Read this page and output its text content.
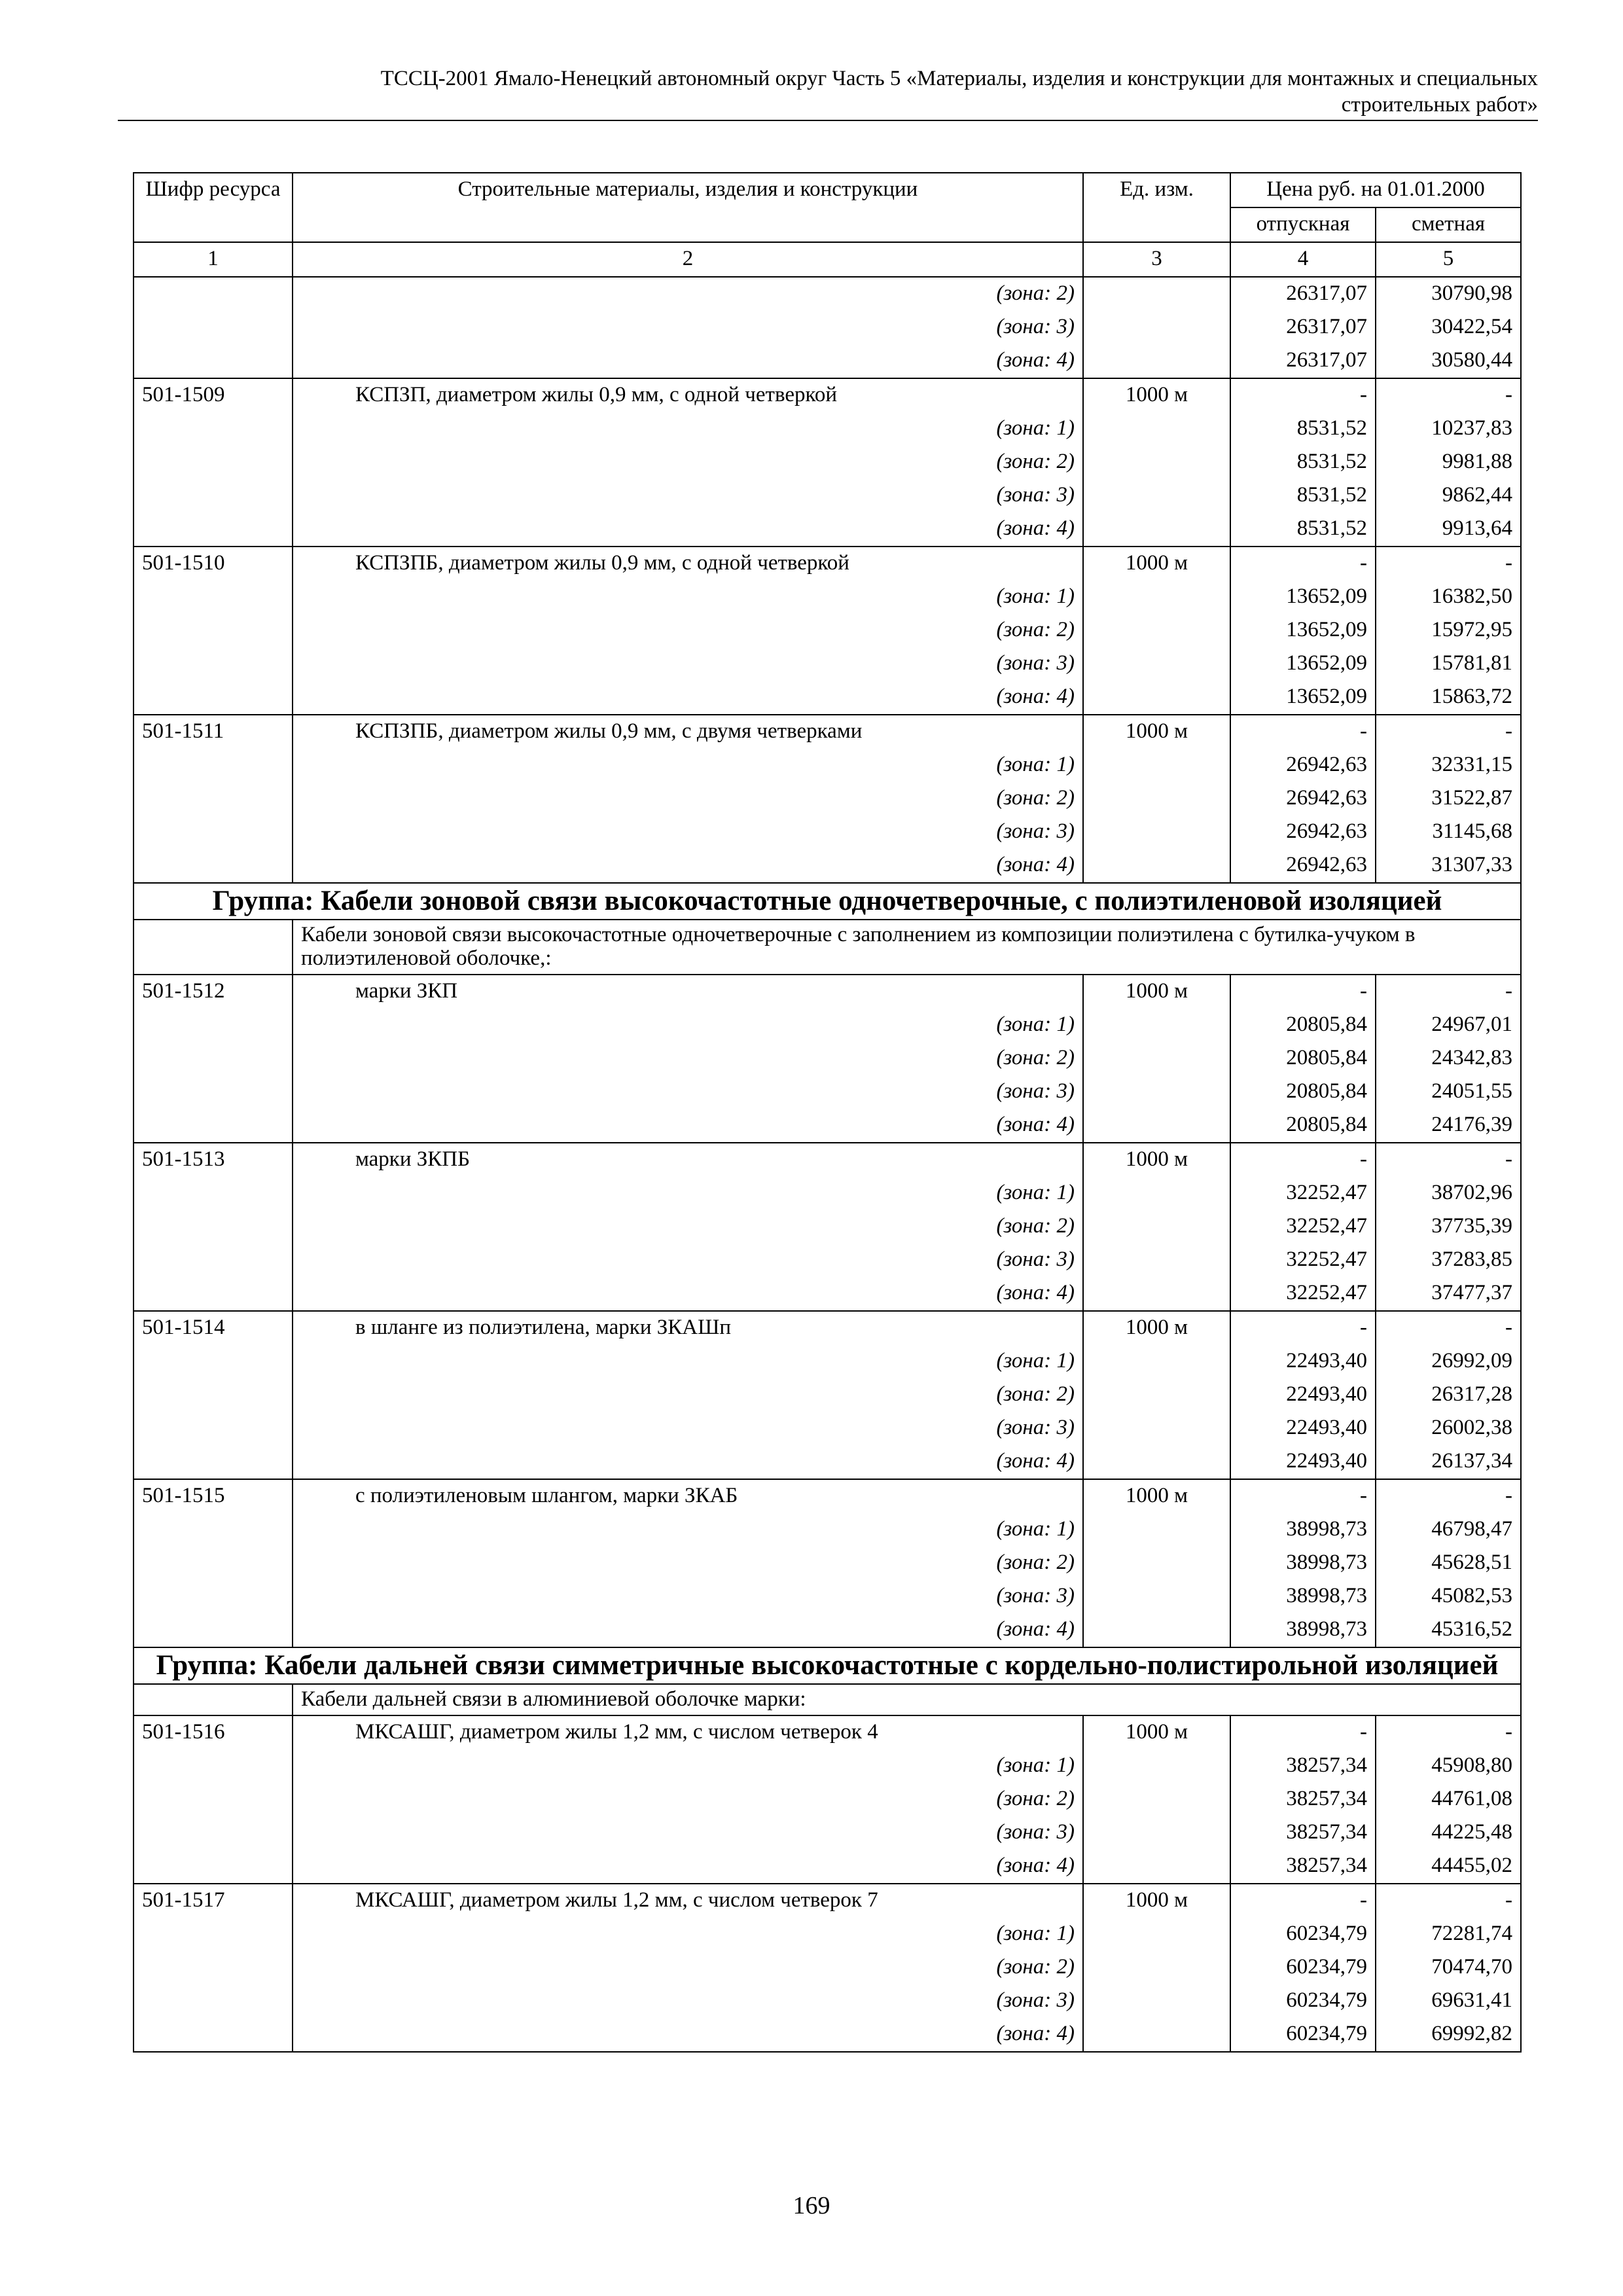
ТССЦ-2001 Ямало-Ненецкий автономный округ Часть 5 «Материалы, изделия и конструкции для монтажных и специальных
строительных работ»
Шифр ресурса	Строительные материалы, изделия и конструкции	Ед. изм.	Цена руб. на 01.01.2000	
			отпускная	сметная
1	2	3	4	5
	(зона: 2)		26317,07	30790,98
	(зона: 3)		26317,07	30422,54
	(зона: 4)		26317,07	30580,44
501-1509	КСПЗП, диаметром жилы 0,9 мм, с одной четверкой	1000 м	-	-
	(зона: 1)		8531,52	10237,83
	(зона: 2)		8531,52	9981,88
	(зона: 3)		8531,52	9862,44
	(зона: 4)		8531,52	9913,64
501-1510	КСПЗПБ, диаметром жилы 0,9 мм, с одной четверкой	1000 м	-	-
	(зона: 1)		13652,09	16382,50
	(зона: 2)		13652,09	15972,95
	(зона: 3)		13652,09	15781,81
	(зона: 4)		13652,09	15863,72
501-1511	КСПЗПБ, диаметром жилы 0,9 мм, с двумя четверками	1000 м	-	-
	(зона: 1)		26942,63	32331,15
	(зона: 2)		26942,63	31522,87
	(зона: 3)		26942,63	31145,68
	(зона: 4)		26942,63	31307,33
Группа: Кабели зоновой связи высокочастотные одночетверочные, с полиэтиленовой изоляцией				
	Кабели зоновой связи высокочастотные одночетверочные с заполнением из композиции полиэтилена с бутилка-учуком в полиэтиленовой оболочке,:			
501-1512	марки ЗКП	1000 м	-	-
	(зона: 1)		20805,84	24967,01
	(зона: 2)		20805,84	24342,83
	(зона: 3)		20805,84	24051,55
	(зона: 4)		20805,84	24176,39
501-1513	марки ЗКПБ	1000 м	-	-
	(зона: 1)		32252,47	38702,96
	(зона: 2)		32252,47	37735,39
	(зона: 3)		32252,47	37283,85
	(зона: 4)		32252,47	37477,37
501-1514	в шланге из полиэтилена, марки ЗКАШп	1000 м	-	-
	(зона: 1)		22493,40	26992,09
	(зона: 2)		22493,40	26317,28
	(зона: 3)		22493,40	26002,38
	(зона: 4)		22493,40	26137,34
501-1515	с полиэтиленовым шлангом, марки ЗКАБ	1000 м	-	-
	(зона: 1)		38998,73	46798,47
	(зона: 2)		38998,73	45628,51
	(зона: 3)		38998,73	45082,53
	(зона: 4)		38998,73	45316,52
Группа: Кабели дальней связи симметричные высокочастотные с кордельно-полистирольной изоляцией				
	Кабели дальней связи в алюминиевой оболочке марки:			
501-1516	МКСАШГ, диаметром жилы 1,2 мм, с числом четверок 4	1000 м	-	-
	(зона: 1)		38257,34	45908,80
	(зона: 2)		38257,34	44761,08
	(зона: 3)		38257,34	44225,48
	(зона: 4)		38257,34	44455,02
501-1517	МКСАШГ, диаметром жилы 1,2 мм, с числом четверок 7	1000 м	-	-
	(зона: 1)		60234,79	72281,74
	(зона: 2)		60234,79	70474,70
	(зона: 3)		60234,79	69631,41
	(зона: 4)		60234,79	69992,82
169
